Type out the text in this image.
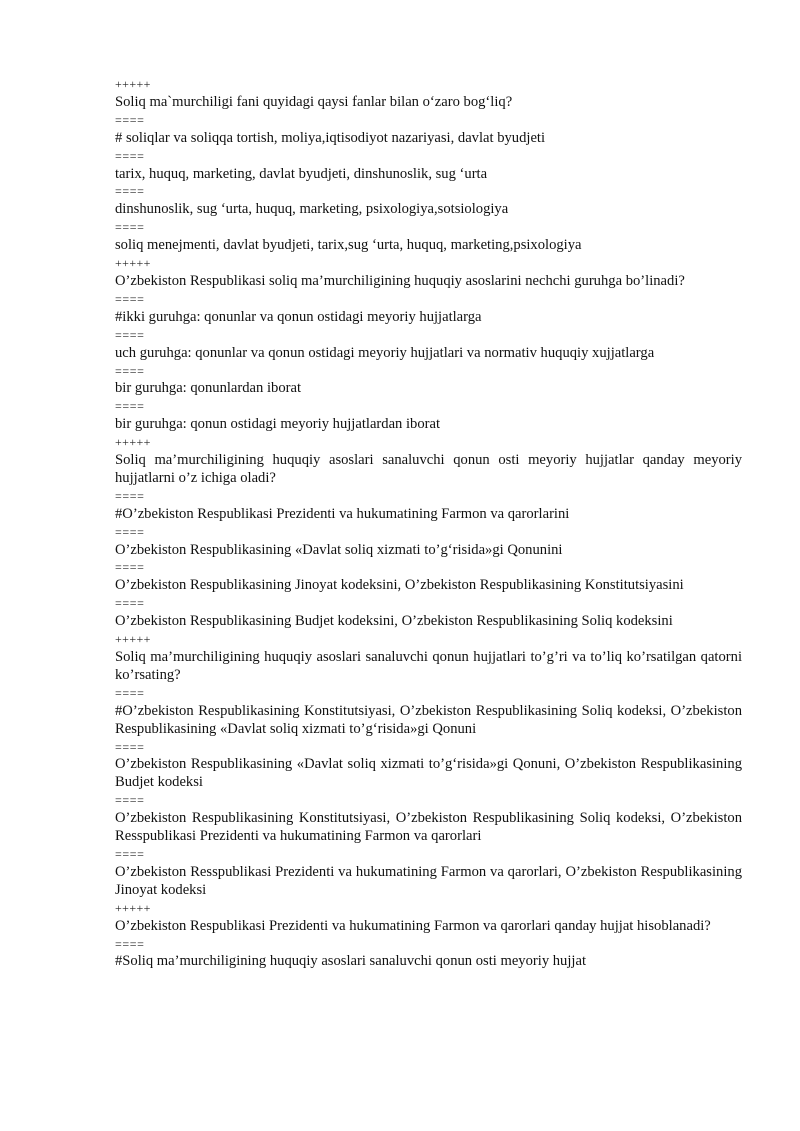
+++++
Soliq ma`murchiligi fani quyidagi qaysi fanlar bilan o‘zaro bog‘liq?
====
# soliqlar va soliqqa tortish, moliya,iqtisodiyot nazariyasi, davlat byudjeti
====
tarix, huquq, marketing, davlat byudjeti, dinshunoslik, sug ‘urta
====
dinshunoslik, sug ‘urta, huquq, marketing, psixologiya,sotsiologiya
====
soliq menejmenti, davlat byudjeti, tarix,sug ‘urta, huquq, marketing,psixologiya
+++++
O’zbekiston Respublikasi soliq ma’murchiligining huquqiy asoslarini nechchi guruhga bo’linadi?
====
#ikki guruhga: qonunlar va qonun ostidagi meyoriy hujjatlarga
====
uch guruhga: qonunlar va qonun ostidagi meyoriy hujjatlari va normativ huquqiy xujjatlarga
====
bir guruhga: qonunlardan iborat
====
bir guruhga: qonun ostidagi meyoriy hujjatlardan iborat
+++++
Soliq ma’murchiligining huquqiy asoslari sanaluvchi qonun osti meyoriy hujjatlar qanday meyoriy hujjatlarni o’z ichiga oladi?
====
#O’zbekiston Respublikasi Prezidenti va hukumatining Farmon va qarorlarini
====
O’zbekiston Respublikasining «Davlat soliq xizmati to’g‘risida»gi Qonunini
====
O’zbekiston Respublikasining Jinoyat kodeksini, O’zbekiston Respublikasining Konstitutsiyasini
====
O’zbekiston Respublikasining Budjet kodeksini, O’zbekiston Respublikasining Soliq kodeksini
+++++
Soliq ma’murchiligining huquqiy asoslari sanaluvchi qonun hujjatlari to’g’ri va to’liq ko’rsatilgan qatorni ko’rsating?
====
#O’zbekiston Respublikasining Konstitutsiyasi, O’zbekiston Respublikasining Soliq kodeksi, O’zbekiston Respublikasining «Davlat soliq xizmati to’g‘risida»gi Qonuni
====
O’zbekiston Respublikasining «Davlat soliq xizmati to’g‘risida»gi Qonuni, O’zbekiston Respublikasining Budjet kodeksi
====
O’zbekiston Respublikasining Konstitutsiyasi, O’zbekiston Respublikasining Soliq kodeksi, O’zbekiston Resspublikasi Prezidenti va hukumatining Farmon va qarorlari
====
O’zbekiston Resspublikasi Prezidenti va hukumatining Farmon va qarorlari, O’zbekiston Respublikasining Jinoyat kodeksi
+++++
O’zbekiston Respublikasi Prezidenti va hukumatining Farmon va qarorlari qanday hujjat hisoblanadi?
====
#Soliq ma’murchiligining huquqiy asoslari sanaluvchi qonun osti meyoriy hujjat
